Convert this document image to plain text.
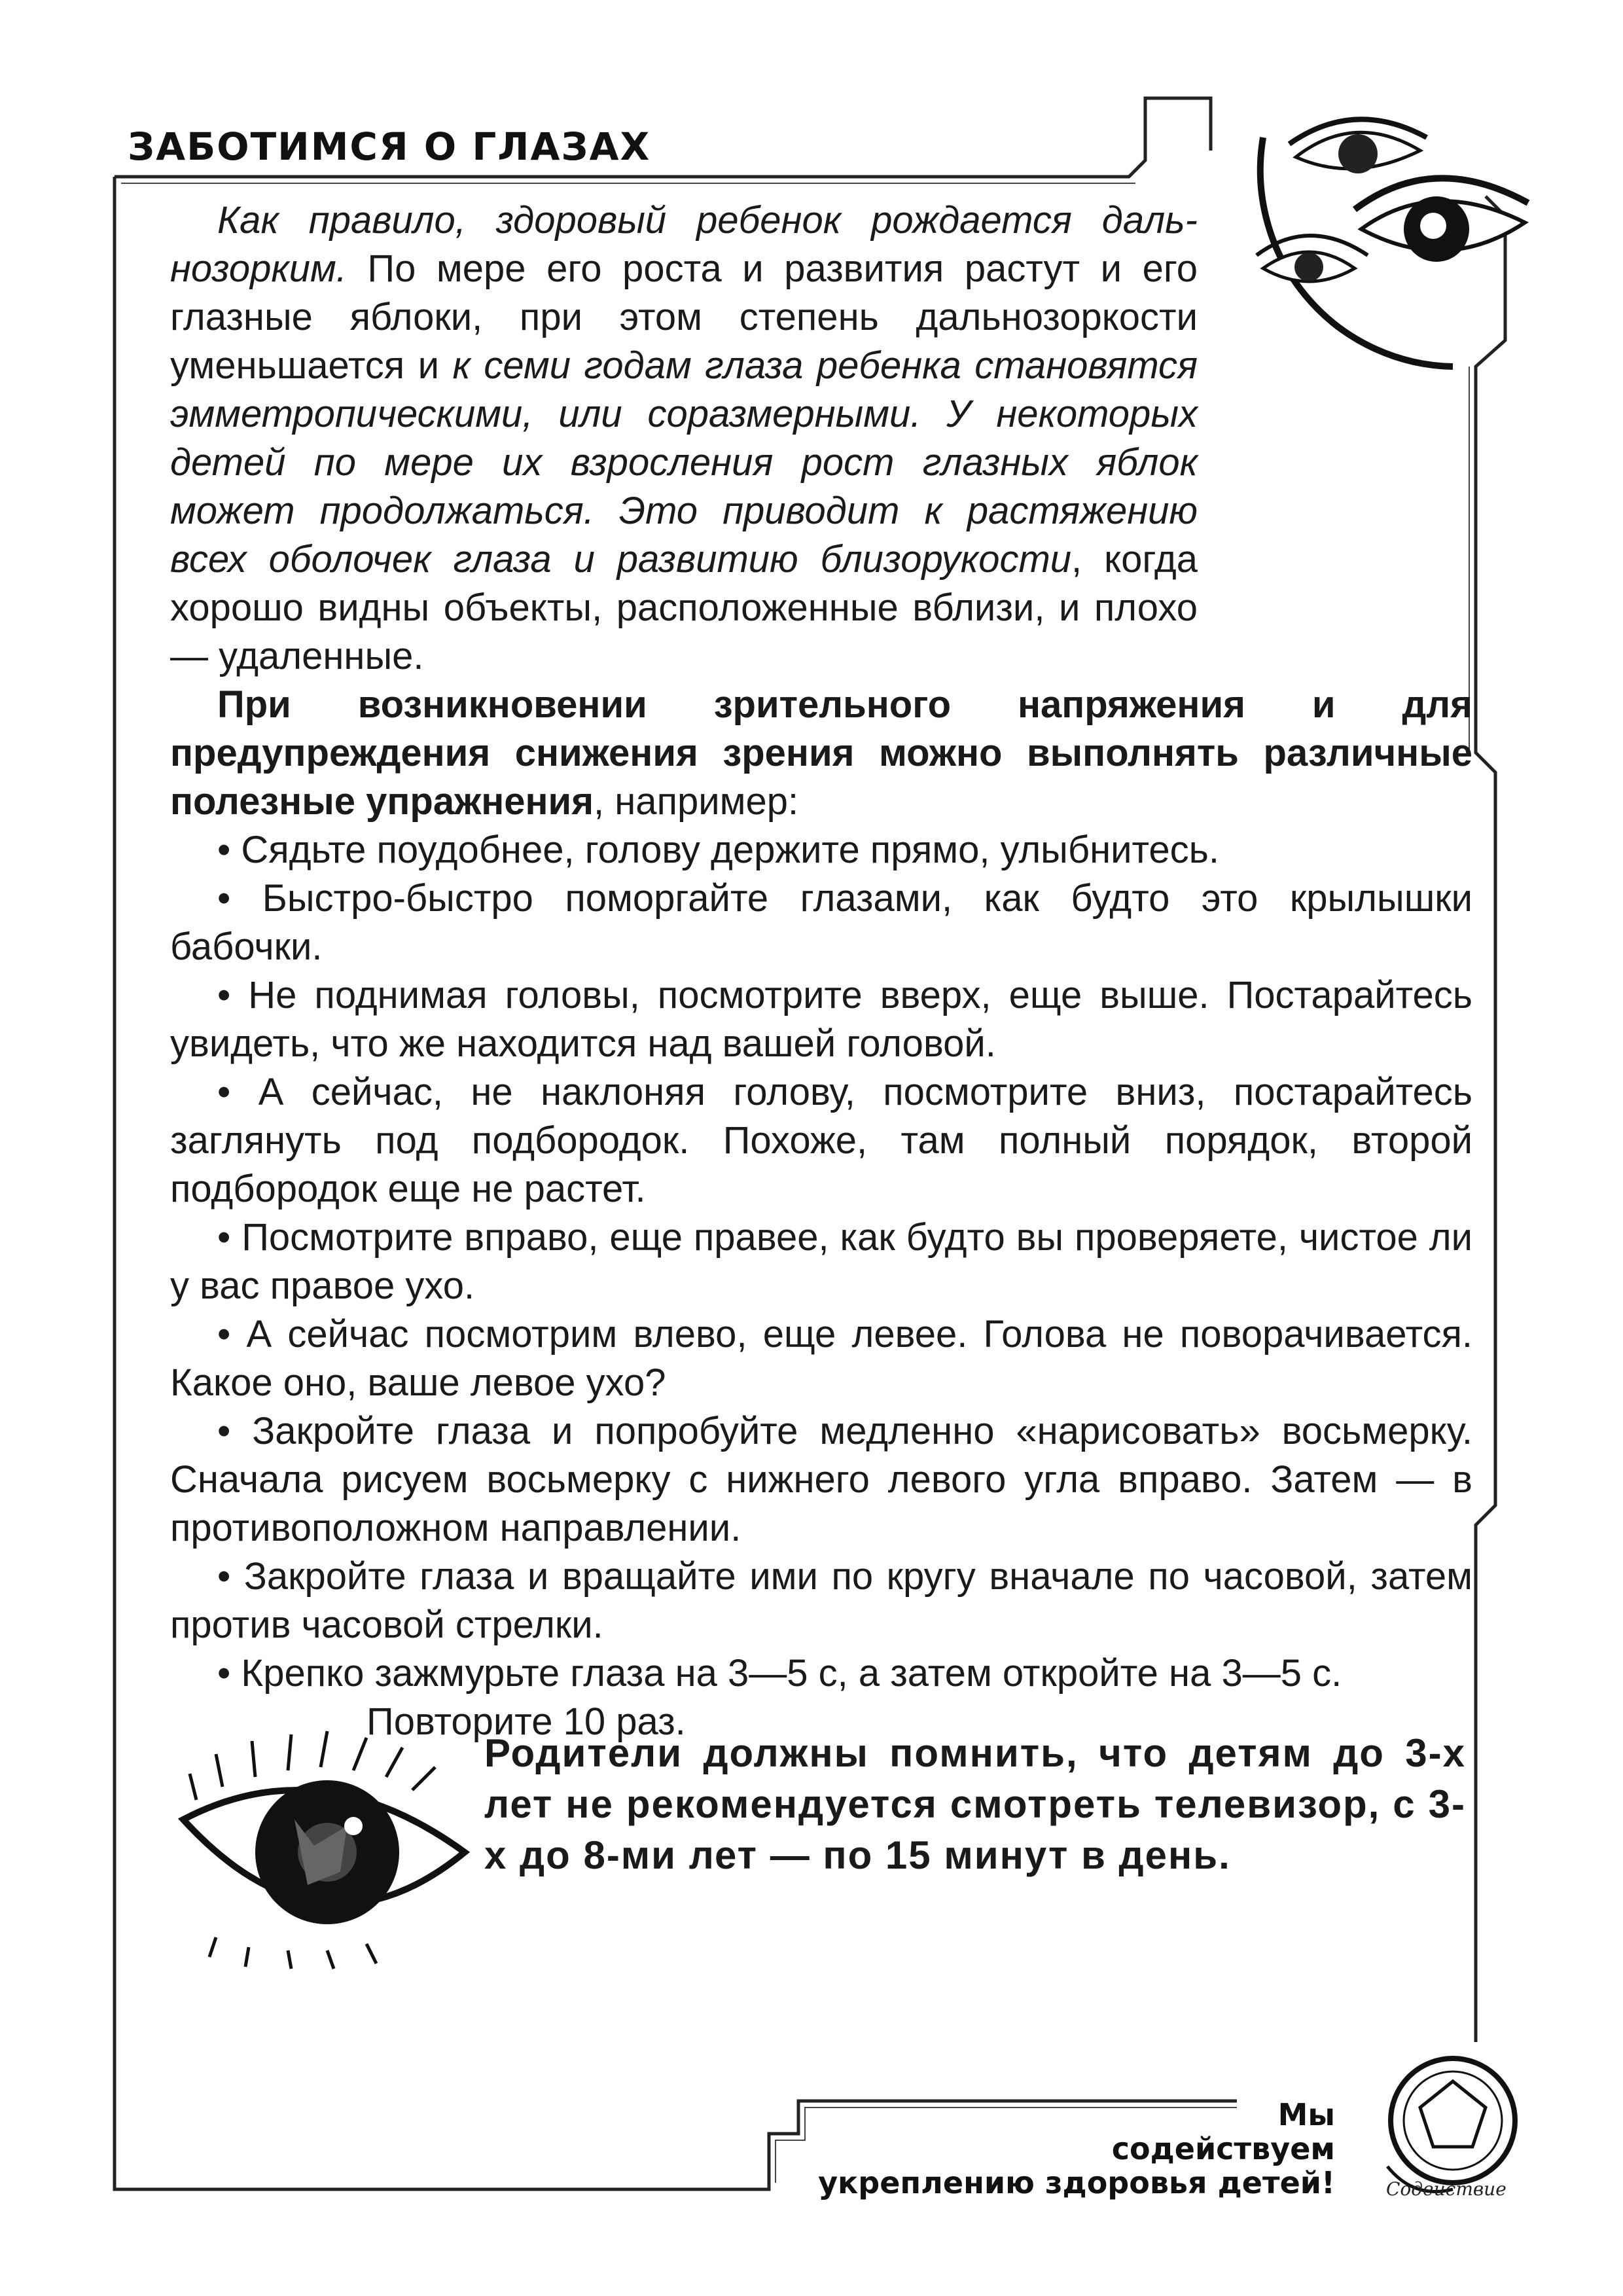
ЗАБОТИМСЯ О ГЛАЗАХ

Как правило, здоровый ребенок рождается даль- нозорким. По мере его роста и развития растут и его глазные яблоки, при этом степень дальнозоркости уменьшается и к семи годам глаза ребенка становятся эмметропическими, или соразмерными. У некоторых детей по мере их взросления рост глазных яблок может продолжаться. Это приводит к растяжению всех оболочек глаза и развитию близорукости, когда хорошо видны объекты, расположенные вблизи, и плохо — удаленные.

При возникновении зрительного напряжения и для предупреждения снижения зрения можно выполнять различные полезные упражнения, например:

• Сядьте поудобнее, голову держите прямо, улыбнитесь.

• Быстро-быстро поморгайте глазами, как будто это крылышки бабочки.

• Не поднимая головы, посмотрите вверх, еще выше. Постарайтесь увидеть, что же находится над вашей головой.

• А сейчас, не наклоняя голову, посмотрите вниз, постарайтесь заглянуть под подбородок. Похоже, там полный порядок, второй подбородок еще не растет.

• Посмотрите вправо, еще правее, как будто вы проверяете, чистое ли у вас правое ухо.

• А сейчас посмотрим влево, еще левее. Голова не поворачивается. Какое оно, ваше левое ухо?

• Закройте глаза и попробуйте медленно «нарисовать» восьмерку. Сначала рисуем восьмерку с нижнего левого угла вправо. Затем — в противоположном направлении.

• Закройте глаза и вращайте ими по кругу вначале по часовой, затем против часовой стрелки.

• Крепко зажмурьте глаза на 3—5 с, а затем откройте на 3—5 с.

Повторите 10 раз.

Родители должны помнить, что детям до 3-х лет не рекомендуется смотреть телевизор, с 3-х до 8-ми лет — по 15 минут в день.

Мы
содействуем
укреплению здоровья детей!	Содействие
